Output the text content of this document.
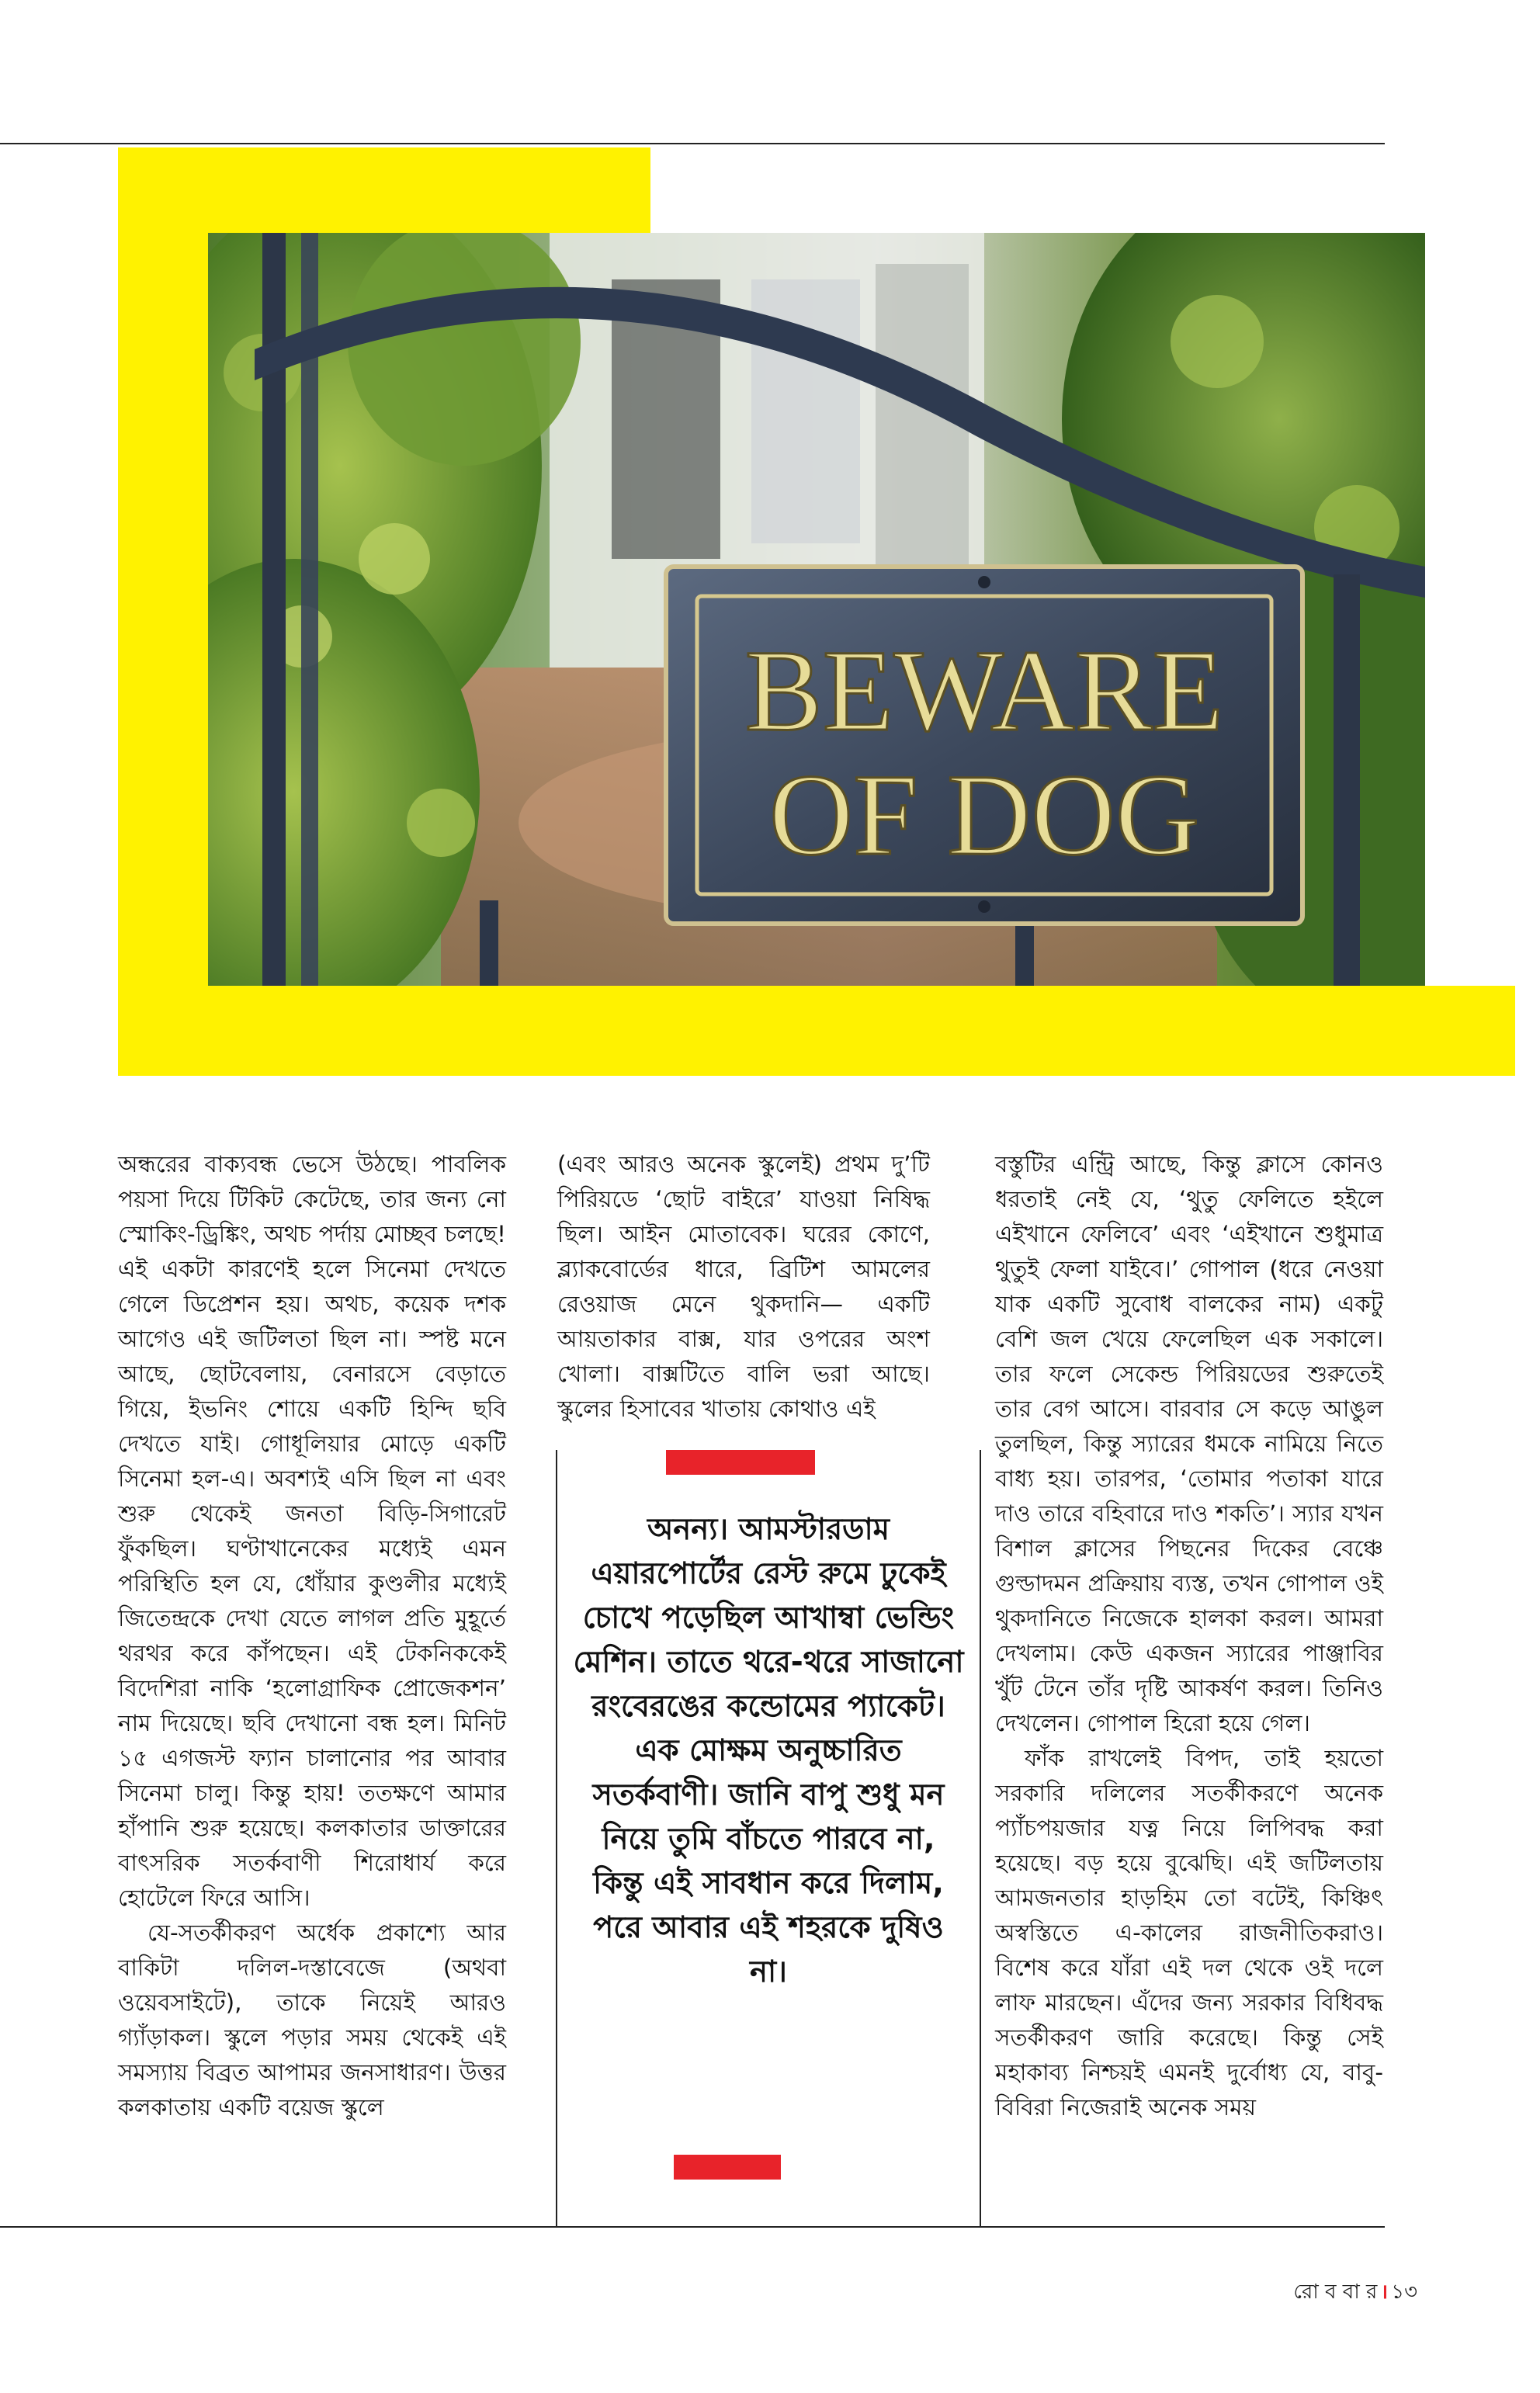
BEWARE
OF DOG

অন্ধরের বাক্যবন্ধ ভেসে উঠছে। পাবলিক পয়সা দিয়ে টিকিট কেটেছে, তার জন্য নো স্মোকিং-ড্রিঙ্কিং, অথচ পর্দায় মোচ্ছব চলছে! এই একটা কারণেই হলে সিনেমা দেখতে গেলে ডিপ্রেশন হয়। অথচ, কয়েক দশক আগেও এই জটিলতা ছিল না। স্পষ্ট মনে আছে, ছোটবেলায়, বেনারসে বেড়াতে গিয়ে, ইভনিং শোয়ে একটি হিন্দি ছবি দেখতে যাই। গোধূলিয়ার মোড়ে একটি সিনেমা হল-এ। অবশ্যই এসি ছিল না এবং শুরু থেকেই জনতা বিড়ি-সিগারেট ফুঁকছিল। ঘণ্টাখানেকের মধ্যেই এমন পরিস্থিতি হল যে, ধোঁয়ার কুণ্ডলীর মধ্যেই জিতেন্দ্রকে দেখা যেতে লাগল প্রতি মুহূর্তে থরথর করে কাঁপছেন। এই টেকনিককেই বিদেশিরা নাকি ‘হলোগ্রাফিক প্রোজেকশন’ নাম দিয়েছে। ছবি দেখানো বন্ধ হল। মিনিট ১৫ এগজস্ট ফ্যান চালানোর পর আবার সিনেমা চালু। কিন্তু হায়! ততক্ষণে আমার হাঁপানি শুরু হয়েছে। কলকাতার ডাক্তারের বাৎসরিক সতর্কবাণী শিরোধার্য করে হোটেলে ফিরে আসি।

যে-সতর্কীকরণ অর্ধেক প্রকাশ্যে আর বাকিটা দলিল-দস্তাবেজে (অথবা ওয়েবসাইটে), তাকে নিয়েই আরও গ্যাঁড়াকল। স্কুলে পড়ার সময় থেকেই এই সমস্যায় বিব্রত আপামর জনসাধারণ। উত্তর কলকাতায় একটি বয়েজ স্কুলে

(এবং আরও অনেক স্কুলেই) প্রথম দু’টি পিরিয়ডে ‘ছোট বাইরে’ যাওয়া নিষিদ্ধ ছিল। আইন মোতাবেক। ঘরের কোণে, ব্ল্যাকবোর্ডের ধারে, ব্রিটিশ আমলের রেওয়াজ মেনে থুকদানি— একটি আয়তাকার বাক্স, যার ওপরের অংশ খোলা। বাক্সটিতে বালি ভরা আছে। স্কুলের হিসাবের খাতায় কোথাও এই

অনন্য। আমস্টারডাম এয়ারপোর্টের রেস্ট রুমে ঢুকেই চোখে পড়েছিল আখাম্বা ভেন্ডিং মেশিন। তাতে থরে-থরে সাজানো রংবেরঙের কন্ডোমের প্যাকেট। এক মোক্ষম অনুচ্চারিত সতর্কবাণী। জানি বাপু শুধু মন নিয়ে তুমি বাঁচতে পারবে না, কিন্তু এই সাবধান করে দিলাম, পরে আবার এই শহরকে দুষিও না।

বস্তুটির এন্ট্রি আছে, কিন্তু ক্লাসে কোনও ধরতাই নেই যে, ‘থুতু ফেলিতে হইলে এইখানে ফেলিবে’ এবং ‘এইখানে শুধুমাত্র থুতুই ফেলা যাইবে।’ গোপাল (ধরে নেওয়া যাক একটি সুবোধ বালকের নাম) একটু বেশি জল খেয়ে ফেলেছিল এক সকালে। তার ফলে সেকেন্ড পিরিয়ডের শুরুতেই তার বেগ আসে। বারবার সে কড়ে আঙুল তুলছিল, কিন্তু স্যারের ধমকে নামিয়ে নিতে বাধ্য হয়। তারপর, ‘তোমার পতাকা যারে দাও তারে বহিবারে দাও শকতি’। স্যার যখন বিশাল ক্লাসের পিছনের দিকের বেঞ্চে গুল্ডাদমন প্রক্রিয়ায় ব্যস্ত, তখন গোপাল ওই থুকদানিতে নিজেকে হালকা করল। আমরা দেখলাম। কেউ একজন স্যারের পাঞ্জাবির খুঁট টেনে তাঁর দৃষ্টি আকর্ষণ করল। তিনিও দেখলেন। গোপাল হিরো হয়ে গেল।

ফাঁক রাখলেই বিপদ, তাই হয়তো সরকারি দলিলের সতর্কীকরণে অনেক প্যাঁচপয়জার যত্ন নিয়ে লিপিবদ্ধ করা হয়েছে। বড় হয়ে বুঝেছি। এই জটিলতায় আমজনতার হাড়হিম তো বটেই, কিঞ্চিৎ অস্বস্তিতে এ-কালের রাজনীতিকরাও। বিশেষ করে যাঁরা এই দল থেকে ওই দলে লাফ মারছেন। এঁদের জন্য সরকার বিধিবদ্ধ সতর্কীকরণ জারি করেছে। কিন্তু সেই মহাকাব্য নিশ্চয়ই এমনই দুর্বোধ্য যে, বাবু-বিবিরা নিজেরাই অনেক সময়

রো ব বা র । ১৩
